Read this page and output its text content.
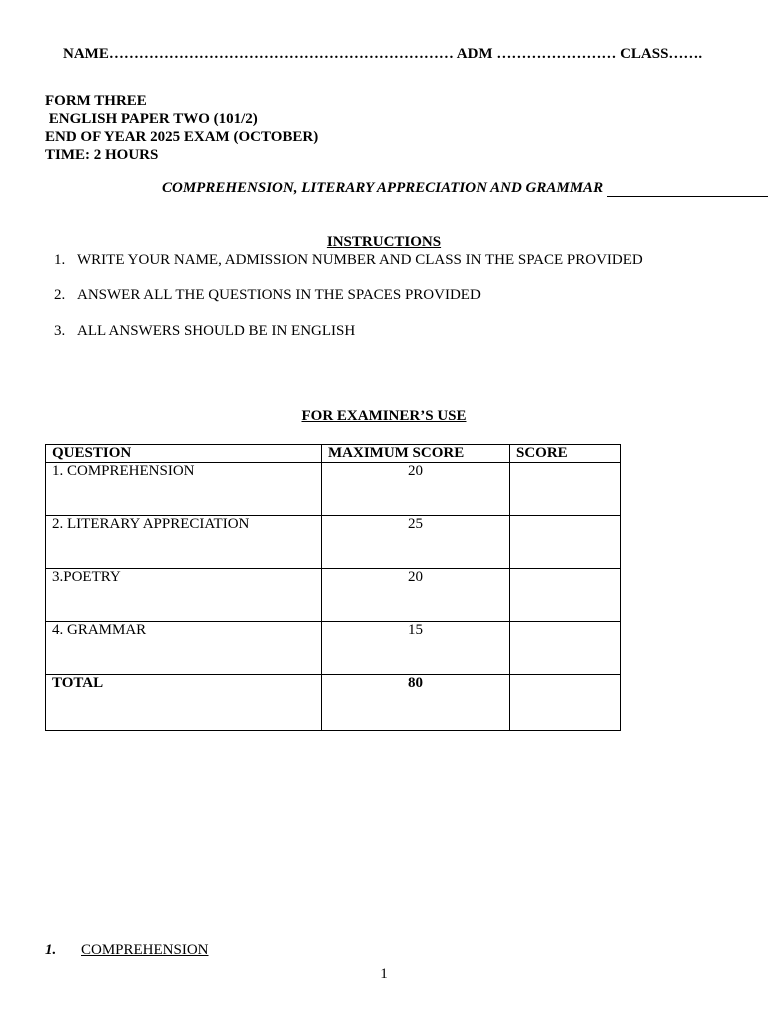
NAME…………………………………………………………… ADM …………………… CLASS…….
FORM THREE
ENGLISH PAPER TWO (101/2)
END OF YEAR 2025 EXAM (OCTOBER)
TIME: 2 HOURS
COMPREHENSION, LITERARY APPRECIATION AND GRAMMAR
INSTRUCTIONS
1. WRITE YOUR NAME, ADMISSION NUMBER AND CLASS IN THE SPACE PROVIDED
2. ANSWER ALL THE QUESTIONS IN THE SPACES PROVIDED
3. ALL ANSWERS SHOULD BE IN ENGLISH
FOR EXAMINER’S USE
QUESTION	MAXIMUM SCORE	SCORE
1. COMPREHENSION	20	
2. LITERARY APPRECIATION	25	
3.POETRY	20	
4. GRAMMAR	15	
TOTAL	80	
1. COMPREHENSION
1
